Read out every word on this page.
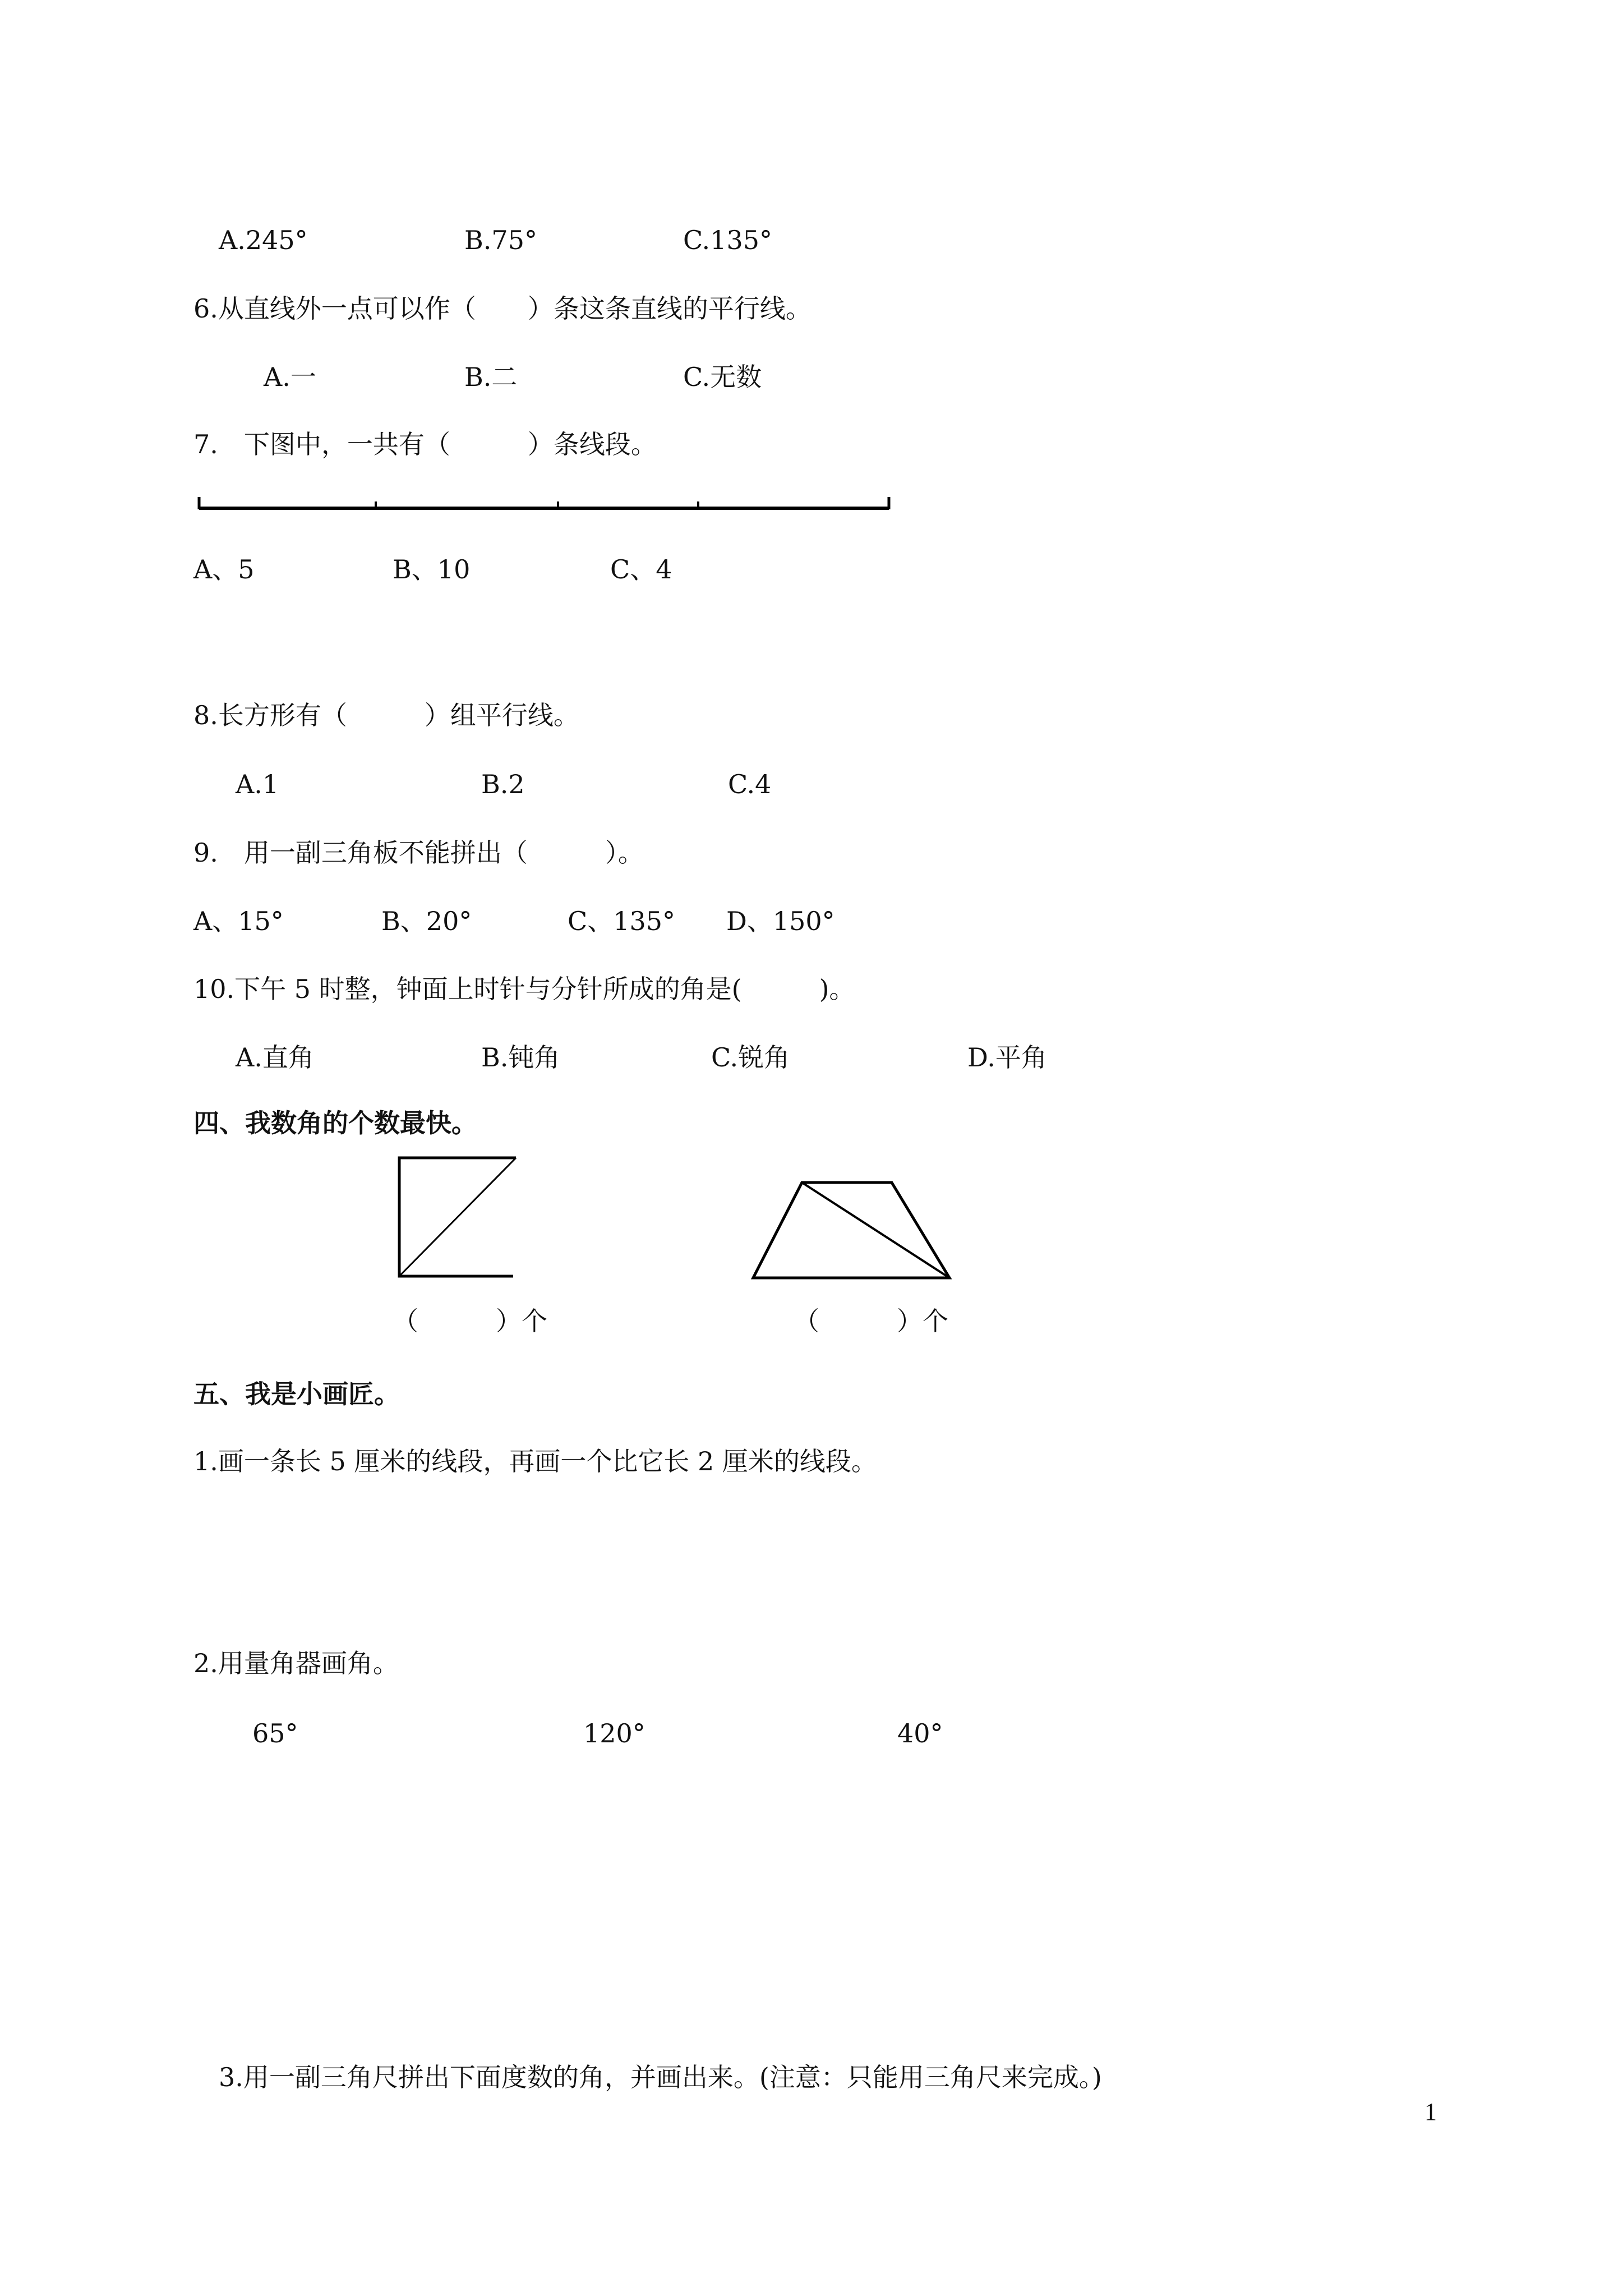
A.245°	B.75°	C.135°
6.从直线外一点可以作（　　）条这条直线的平行线。
A.一	B.二	C.无数
7.　下图中，一共有（　　　）条线段。
A、5	B、10	C、4
8.长方形有（　　　）组平行线。
A.1	B.2	C.4
9.　用一副三角板不能拼出（　　　）。
A、15°	B、20°	C、135° D、150°
10.下午 5 时整，钟面上时针与分针所成的角是(　　　)。
A.直角	B.钝角	C.锐角	D.平角
四、我数角的个数最快。
（　　　）个	（　　　）个
五、我是小画匠。
1.画一条长 5 厘米的线段，再画一个比它长 2 厘米的线段。
2.用量角器画角。
65°	120°	40°
3.用一副三角尺拼出下面度数的角，并画出来。(注意：只能用三角尺来完成。)
1
